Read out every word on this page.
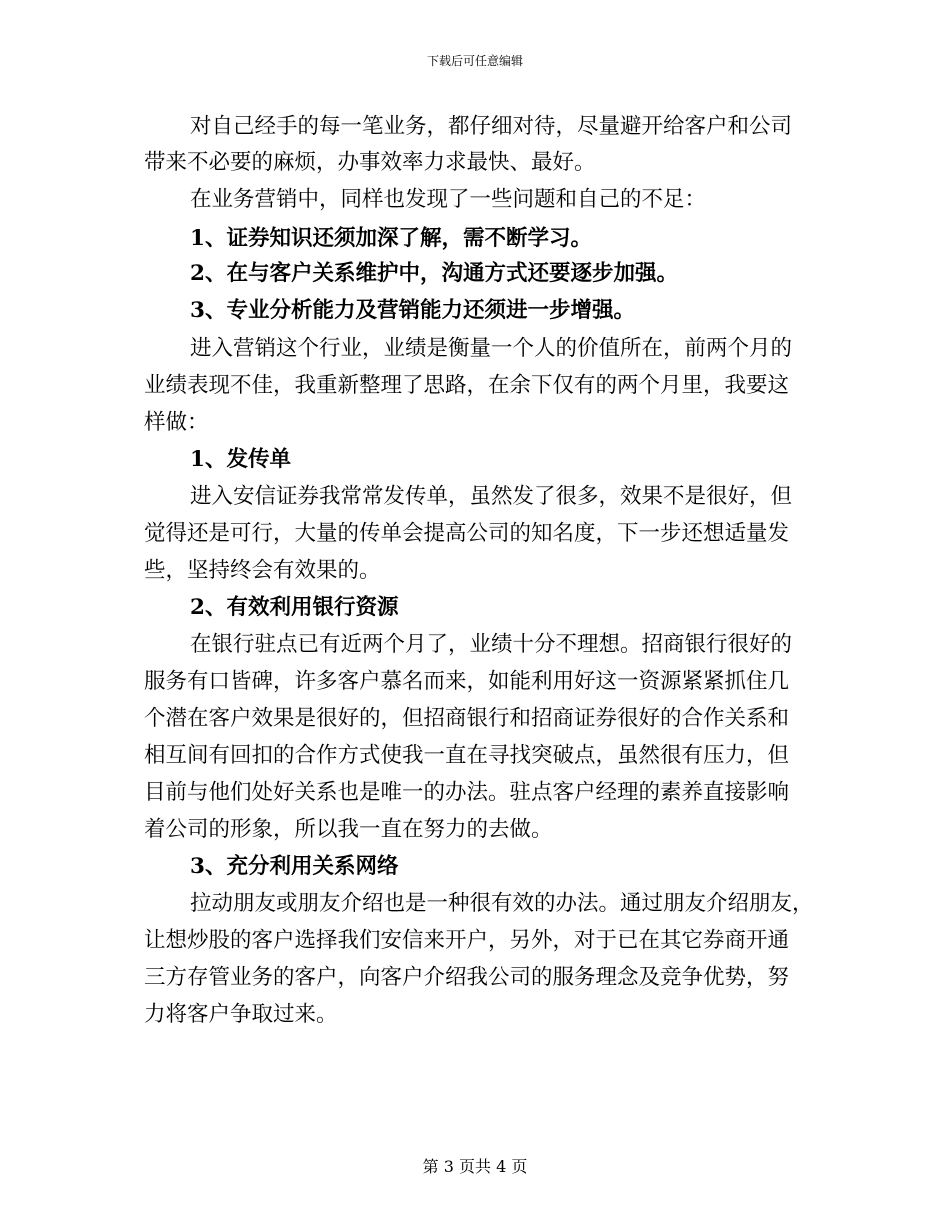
下载后可任意编辑
对自己经手的每一笔业务，都仔细对待，尽量避开给客户和公司
带来不必要的麻烦，办事效率力求最快、最好。
在业务营销中，同样也发现了一些问题和自己的不足：
1、证券知识还须加深了解，需不断学习。
2、在与客户关系维护中，沟通方式还要逐步加强。
3、专业分析能力及营销能力还须进一步增强。
进入营销这个行业，业绩是衡量一个人的价值所在，前两个月的
业绩表现不佳，我重新整理了思路，在余下仅有的两个月里，我要这
样做：
1、发传单
进入安信证券我常常发传单，虽然发了很多，效果不是很好，但
觉得还是可行，大量的传单会提高公司的知名度，下一步还想适量发
些，坚持终会有效果的。
2、有效利用银行资源
在银行驻点已有近两个月了，业绩十分不理想。招商银行很好的
服务有口皆碑，许多客户慕名而来，如能利用好这一资源紧紧抓住几
个潜在客户效果是很好的，但招商银行和招商证券很好的合作关系和
相互间有回扣的合作方式使我一直在寻找突破点，虽然很有压力，但
目前与他们处好关系也是唯一的办法。驻点客户经理的素养直接影响
着公司的形象，所以我一直在努力的去做。
3、充分利用关系网络
拉动朋友或朋友介绍也是一种很有效的办法。通过朋友介绍朋友，
让想炒股的客户选择我们安信来开户，另外，对于已在其它券商开通
三方存管业务的客户，向客户介绍我公司的服务理念及竞争优势，努
力将客户争取过来。
第 3 页共 4 页
